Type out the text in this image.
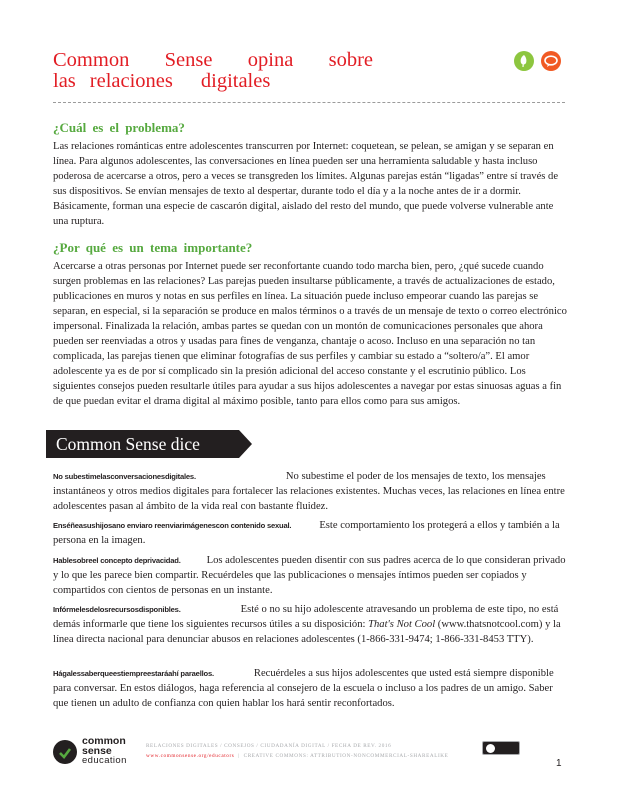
Common Sense opina sobre
las relaciones digitales
¿Cuál es el problema?
Las relaciones románticas entre adolescentes transcurren por Internet: coquetean, se pelean, se amigan y se separan en línea. Para algunos adolescentes, las conversaciones en línea pueden ser una herramienta saludable y hasta incluso poderosa de acercarse a otros, pero a veces se transgreden los límites. Algunas parejas están “ligadas” entre sí través de sus dispositivos. Se envían mensajes de texto al despertar, durante todo el día y a la noche antes de ir a dormir. Básicamente, forman una especie de cascarón digital, aislado del resto del mundo, que puede volverse vulnerable ante una ruptura.
¿Por qué es un tema importante?
Acercarse a otras personas por Internet puede ser reconfortante cuando todo marcha bien, pero, ¿qué sucede cuando surgen problemas en las relaciones? Las parejas pueden insultarse públicamente, a través de actualizaciones de estado, publicaciones en muros y notas en sus perfiles en línea. La situación puede incluso empeorar cuando las parejas se separan, en especial, si la separación se produce en malos términos o a través de un mensaje de texto o correo electrónico impersonal. Finalizada la relación, ambas partes se quedan con un montón de comunicaciones personales que ahora pueden ser reenviadas a otros y usadas para fines de venganza, chantaje o acoso. Incluso en una separación no tan complicada, las parejas tienen que eliminar fotografías de sus perfiles y cambiar su estado a “soltero/a”. El amor adolescente ya es de por sí complicado sin la presión adicional del acceso constante y el escrutinio público. Los siguientes consejos pueden resultarle útiles para ayudar a sus hijos adolescentes a navegar por estas sinuosas aguas a fin de que puedan evitar el drama digital al máximo posible, tanto para ellos como para sus amigos.
Common Sense dice
No subestimelasconversacionesdigitales.	No subestime el poder de los mensajes de texto, los mensajes instantáneos y otros medios digitales para fortalecer las relaciones existentes. Muchas veces, las relaciones en línea entre adolescentes pasan al ámbito de la vida real con bastante fluidez.
Enséñeasushijosano enviaro reenviarimágenescon contenido sexual.	Este comportamiento los protegerá a ellos y también a la persona en la imagen.
Hablesobreel concepto deprivacidad. Los adolescentes pueden disentir con sus padres acerca de lo que consideran privado y lo que les parece bien compartir. Recuérdeles que las publicaciones o mensajes íntimos pueden ser copiados y compartidos con cientos de personas en un instante.
Infórmelesdelosrecursosdisponibles.	Esté o no su hijo adolescente atravesando un problema de este tipo, no está demás informarle que tiene los siguientes recursos útiles a su disposición: That's Not Cool (www.thatsnotcool.com) y la línea directa nacional para denunciar abusos en relaciones adolescentes (1-866-331-9474; 1-866-331-8453 TTY).
Hágalessaberqueestiempreestaráahí paraellos.	Recuérdeles a sus hijos adolescentes que usted está siempre disponible para conversar. En estos diálogos, haga referencia al consejero de la escuela o incluso a los padres de un amigo. Saber que tienen un adulto de confianza con quien hablar los hará sentir reconfortados.
common
sense
education
RELACIONES DIGITALES / CONSEJOS / CIUDADANÍA DIGITAL / FECHA DE REV. 2016
www.commonsense.org/educators  |  CREATIVE COMMONS: ATTRIBUTION-NONCOMMERCIAL-SHAREALIKE
1
